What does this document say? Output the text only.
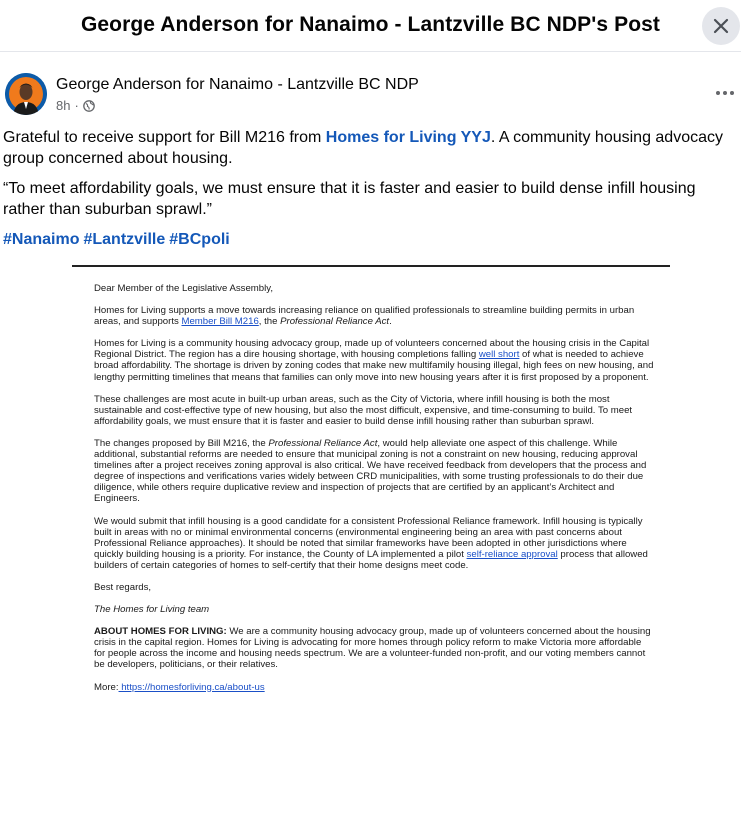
George Anderson for Nanaimo - Lantzville BC NDP's Post
George Anderson for Nanaimo - Lantzville BC NDP
8h ·

Grateful to receive support for Bill M216 from Homes for Living YYJ. A community housing advocacy group concerned about housing.

“To meet affordability goals, we must ensure that it is faster and easier to build dense infill housing rather than suburban sprawl.”

#Nanaimo #Lantzville #BCpoli

Dear Member of the Legislative Assembly,

Homes for Living supports a move towards increasing reliance on qualified professionals to streamline building permits in urban areas, and supports Member Bill M216, the Professional Reliance Act.

Homes for Living is a community housing advocacy group, made up of volunteers concerned about the housing crisis in the Capital Regional District. The region has a dire housing shortage, with housing completions falling well short of what is needed to achieve broad affordability. The shortage is driven by zoning codes that make new multifamily housing illegal, high fees on new housing, and lengthy permitting timelines that means that families can only move into new housing years after it is first proposed by a proponent.

These challenges are most acute in built-up urban areas, such as the City of Victoria, where infill housing is both the most sustainable and cost-effective type of new housing, but also the most difficult, expensive, and time-consuming to build. To meet affordability goals, we must ensure that it is faster and easier to build dense infill housing rather than suburban sprawl.

The changes proposed by Bill M216, the Professional Reliance Act, would help alleviate one aspect of this challenge. While additional, substantial reforms are needed to ensure that municipal zoning is not a constraint on new housing, reducing approval timelines after a project receives zoning approval is also critical. We have received feedback from developers that the process and degree of inspections and verifications varies widely between CRD municipalities, with some trusting professionals to do their due diligence, while others require duplicative review and inspection of projects that are certified by an applicant’s Architect and Engineers.

We would submit that infill housing is a good candidate for a consistent Professional Reliance framework. Infill housing is typically built in areas with no or minimal environmental concerns (environmental engineering being an area with past concerns about Professional Reliance approaches). It should be noted that similar frameworks have been adopted in other jurisdictions where quickly building housing is a priority. For instance, the County of LA implemented a pilot self-reliance approval process that allowed builders of certain categories of homes to self-certify that their home designs meet code.

Best regards,

The Homes for Living team

ABOUT HOMES FOR LIVING: We are a community housing advocacy group, made up of volunteers concerned about the housing crisis in the capital region. Homes for Living is advocating for more homes through policy reform to make Victoria more affordable for people across the income and housing needs spectrum. We are a volunteer-funded non-profit, and our voting members cannot be developers, politicians, or their relatives.

More: https://homesforliving.ca/about-us
